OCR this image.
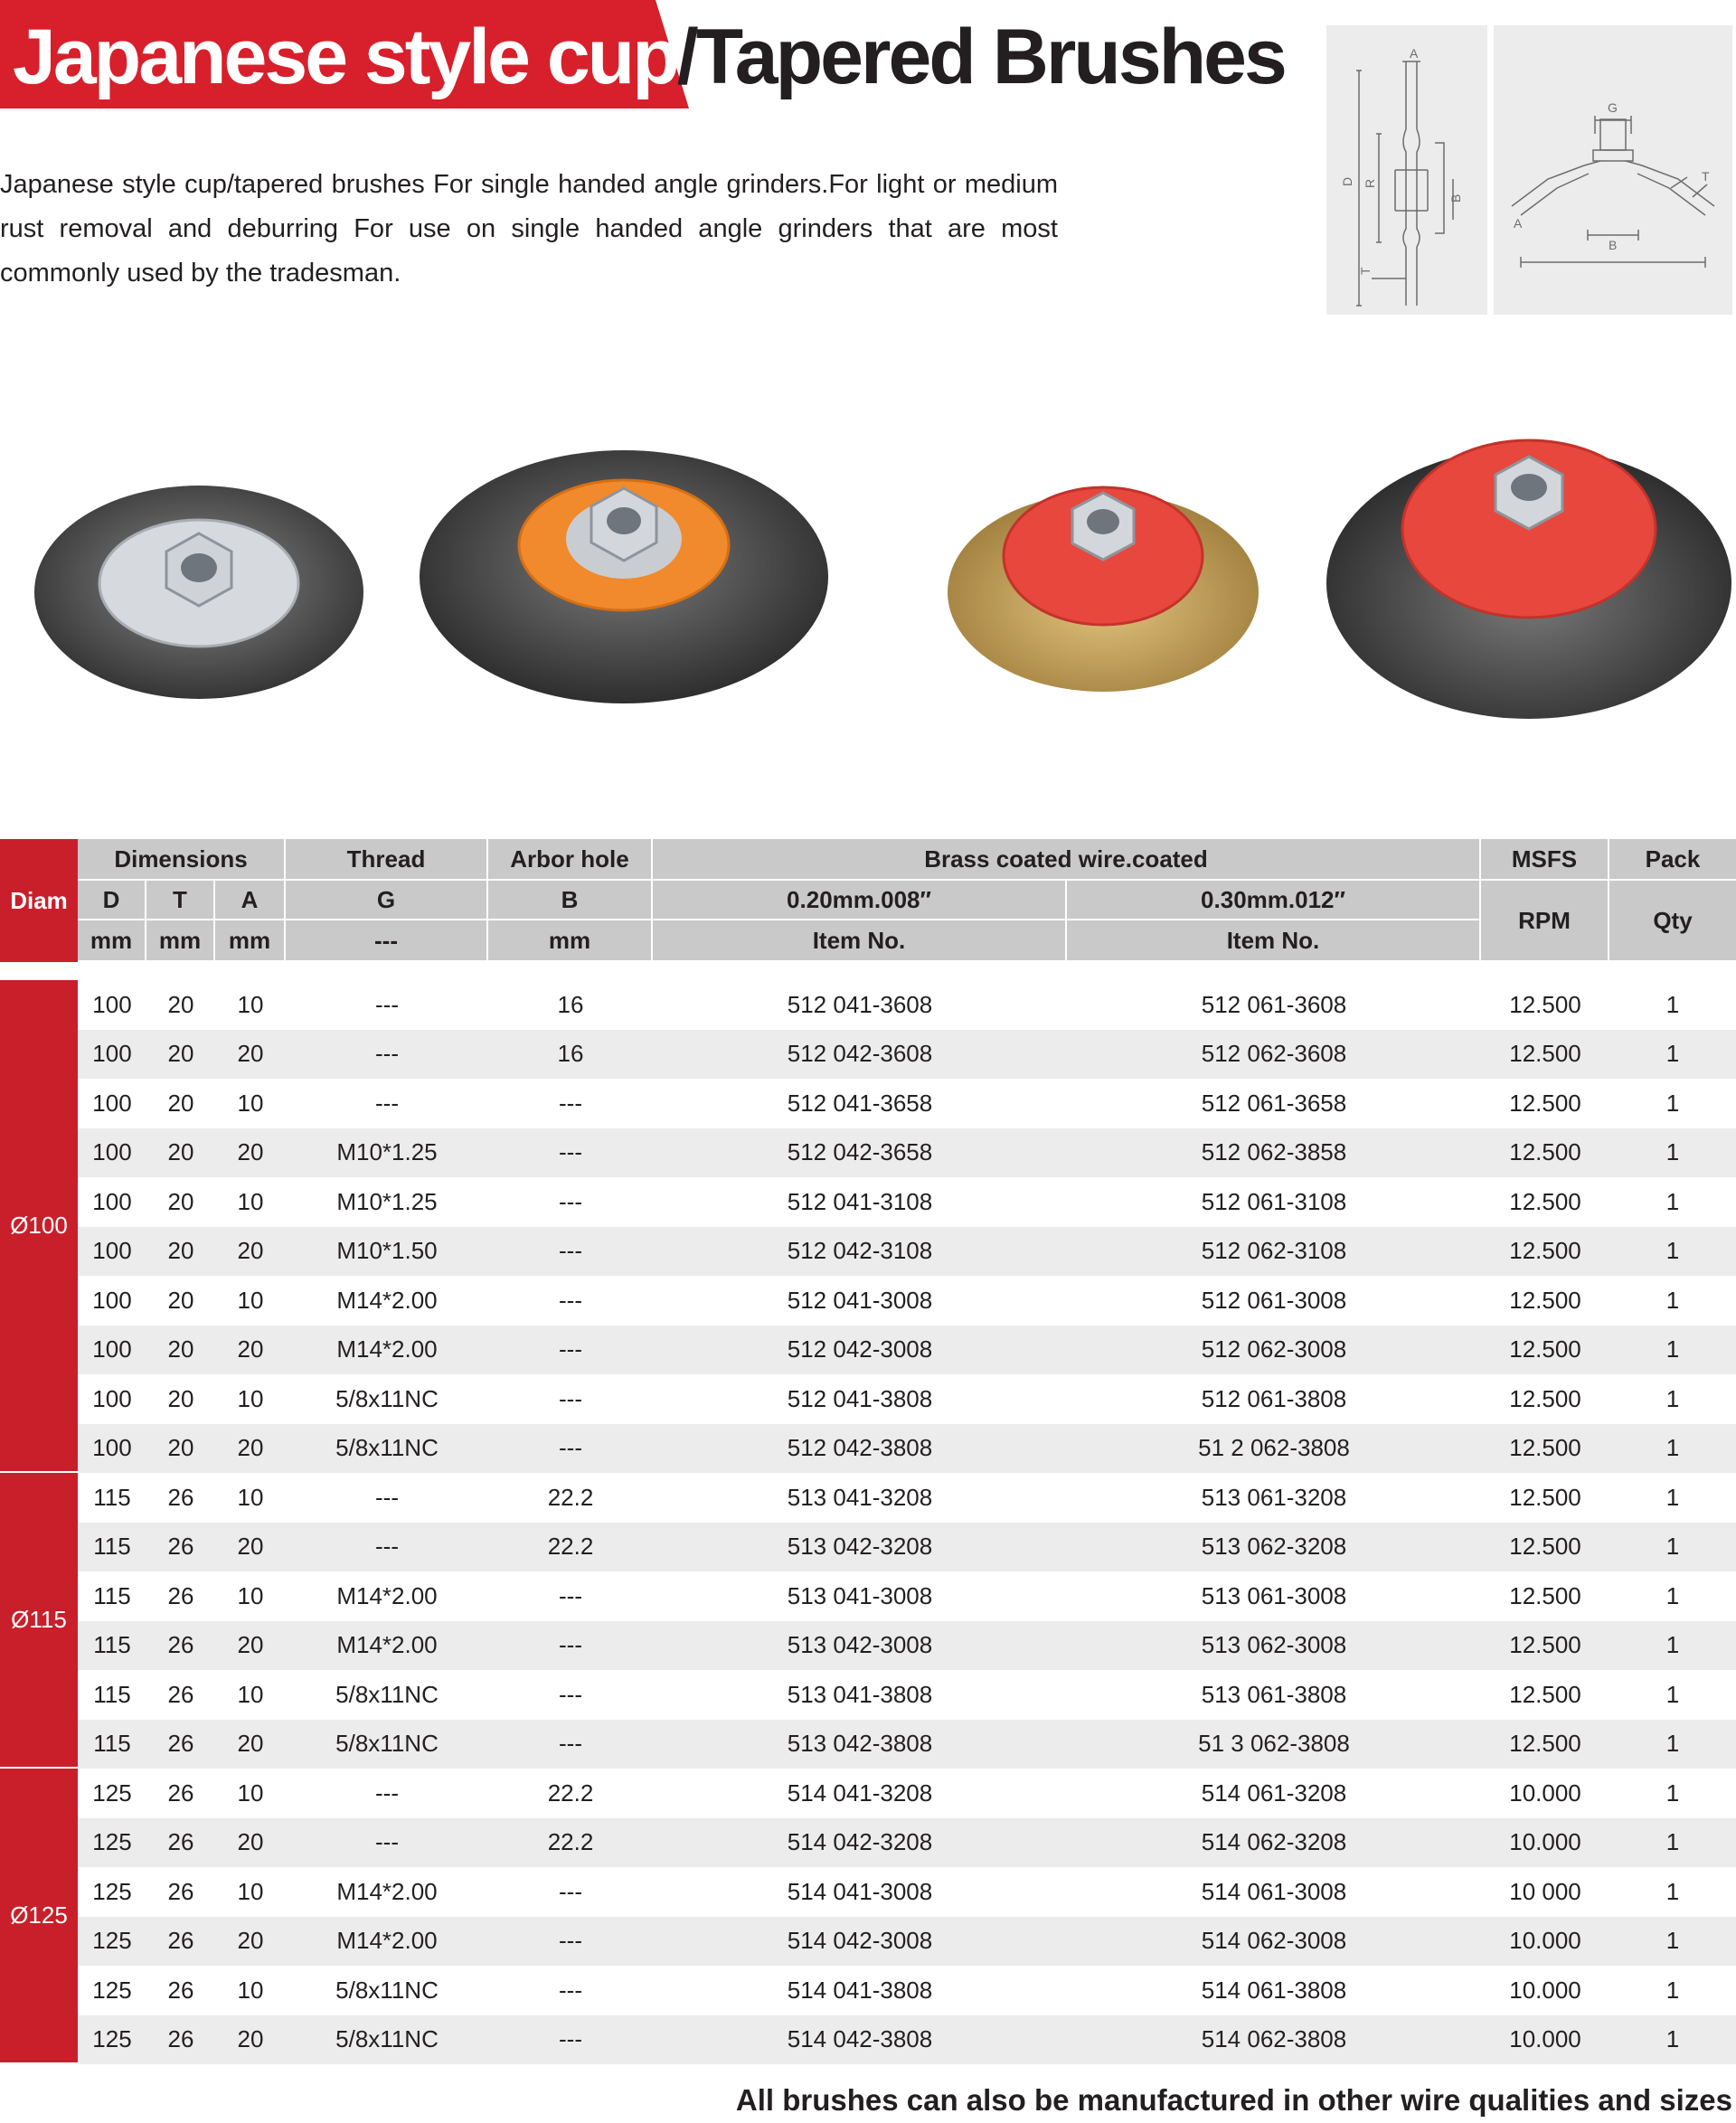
Japanese style cup/Tapered Brushes
Japanese style cup/tapered brushes For single handed angle grinders.For light or medium rust removal and deburring For use on single handed angle grinders that are most commonly used by the tradesman.
A
D R
B
T
G
A
B
T
Diam
Dimensions	Thread	Arbor hole	Brass coated wire.coated	MSFS	Pack
D	T	A	G	B	0.20mm.008″	0.30mm.012″
RPM	Qty
mm	mm	mm	---	mm	Item No.	Item No.
Ø100
100	20	10	---	16	512 041-3608	512 061-3608	12.500	1
100	20	20	---	16	512 042-3608	512 062-3608	12.500	1
100	20	10	---	---	512 041-3658	512 061-3658	12.500	1
100	20	20	M10*1.25	---	512 042-3658	512 062-3858	12.500	1
100	20	10	M10*1.25	---	512 041-3108	512 061-3108	12.500	1
100	20	20	M10*1.50	---	512 042-3108	512 062-3108	12.500	1
100	20	10	M14*2.00	---	512 041-3008	512 061-3008	12.500	1
100	20	20	M14*2.00	---	512 042-3008	512 062-3008	12.500	1
100	20	10	5/8x11NC	---	512 041-3808	512 061-3808	12.500	1
100	20	20	5/8x11NC	---	512 042-3808	51 2 062-3808	12.500	1
Ø115
115	26	10	---	22.2	513 041-3208	513 061-3208	12.500	1
115	26	20	---	22.2	513 042-3208	513 062-3208	12.500	1
115	26	10	M14*2.00	---	513 041-3008	513 061-3008	12.500	1
115	26	20	M14*2.00	---	513 042-3008	513 062-3008	12.500	1
115	26	10	5/8x11NC	---	513 041-3808	513 061-3808	12.500	1
115	26	20	5/8x11NC	---	513 042-3808	51 3 062-3808	12.500	1
Ø125
125	26	10	---	22.2	514 041-3208	514 061-3208	10.000	1
125	26	20	---	22.2	514 042-3208	514 062-3208	10.000	1
125	26	10	M14*2.00	---	514 041-3008	514 061-3008	10 000	1
125	26	20	M14*2.00	---	514 042-3008	514 062-3008	10.000	1
125	26	10	5/8x11NC	---	514 041-3808	514 061-3808	10.000	1
125	26	20	5/8x11NC	---	514 042-3808	514 062-3808	10.000	1
All brushes can also be manufactured in other wire qualities and sizes
